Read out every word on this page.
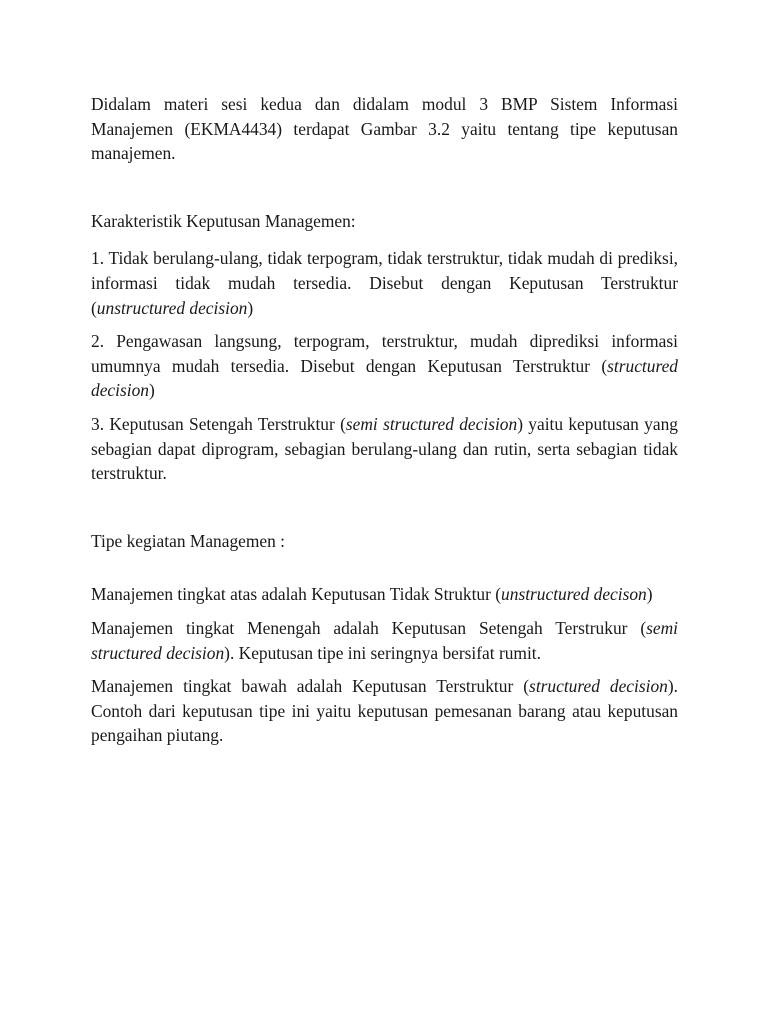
Didalam materi sesi kedua dan didalam modul 3 BMP Sistem Informasi Manajemen (EKMA4434) terdapat Gambar 3.2 yaitu tentang tipe keputusan manajemen.

Karakteristik Keputusan Managemen:

1. Tidak berulang-ulang, tidak terpogram, tidak terstruktur, tidak mudah di prediksi, informasi tidak mudah tersedia. Disebut dengan Keputusan Terstruktur (unstructured decision)

2. Pengawasan langsung, terpogram, terstruktur, mudah diprediksi informasi umumnya mudah tersedia. Disebut dengan Keputusan Terstruktur (structured decision)

3. Keputusan Setengah Terstruktur (semi structured decision) yaitu keputusan yang sebagian dapat diprogram, sebagian berulang-ulang dan rutin, serta sebagian tidak terstruktur.

Tipe kegiatan Managemen :

Manajemen tingkat atas adalah Keputusan Tidak Struktur (unstructured decison)

Manajemen tingkat Menengah adalah Keputusan Setengah Terstrukur (semi structured decision). Keputusan tipe ini seringnya bersifat rumit.

Manajemen tingkat bawah adalah Keputusan Terstruktur (structured decision). Contoh dari keputusan tipe ini yaitu keputusan pemesanan barang atau keputusan pengaihan piutang.
